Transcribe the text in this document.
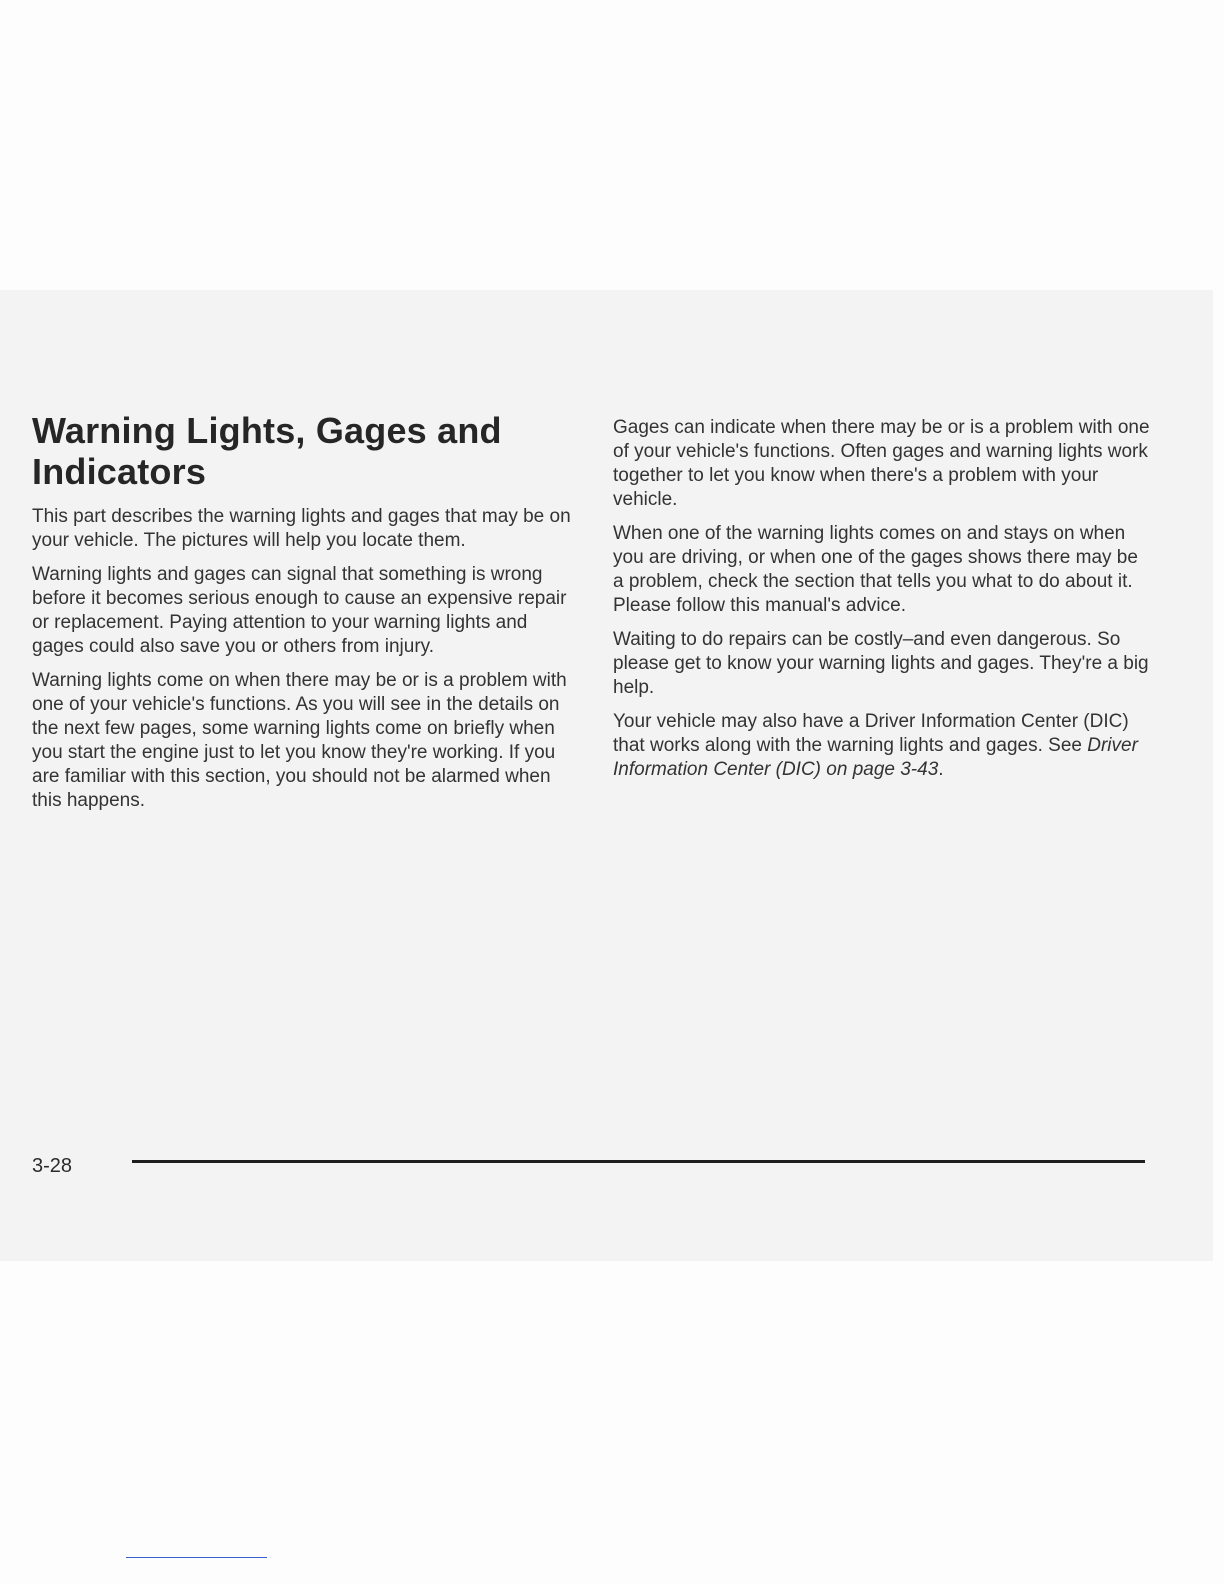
Warning Lights, Gages and Indicators

This part describes the warning lights and gages that may be on your vehicle. The pictures will help you locate them.

Warning lights and gages can signal that something is wrong before it becomes serious enough to cause an expensive repair or replacement. Paying attention to your warning lights and gages could also save you or others from injury.

Warning lights come on when there may be or is a problem with one of your vehicle's functions. As you will see in the details on the next few pages, some warning lights come on briefly when you start the engine just to let you know they're working. If you are familiar with this section, you should not be alarmed when this happens.

Gages can indicate when there may be or is a problem with one of your vehicle's functions. Often gages and warning lights work together to let you know when there's a problem with your vehicle.

When one of the warning lights comes on and stays on when you are driving, or when one of the gages shows there may be a problem, check the section that tells you what to do about it. Please follow this manual's advice.

Waiting to do repairs can be costly–and even dangerous. So please get to know your warning lights and gages. They're a big help.

Your vehicle may also have a Driver Information Center (DIC) that works along with the warning lights and gages. See Driver Information Center (DIC) on page 3-43.

3-28
